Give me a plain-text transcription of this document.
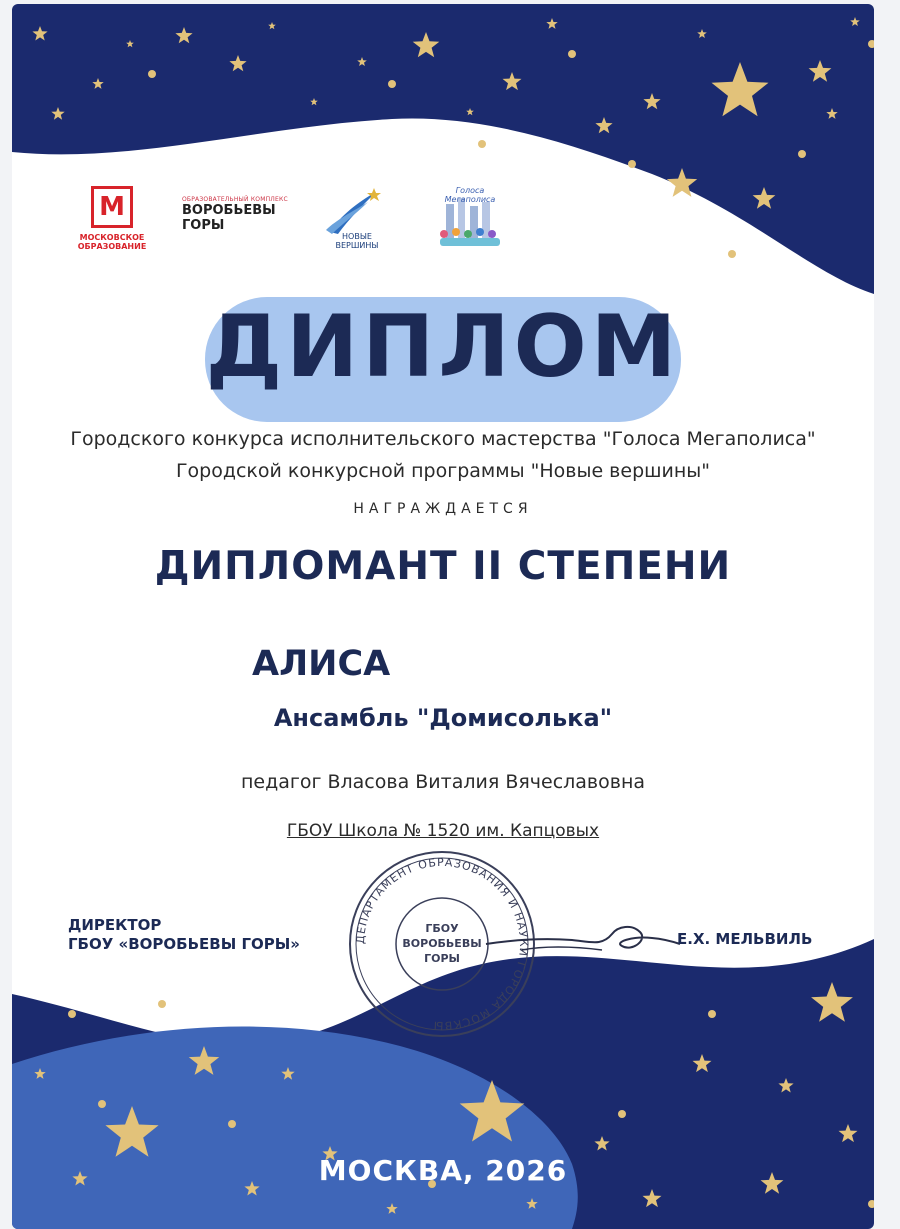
М
МОСКОВСКОЕ
ОБРАЗОВАНИЕ
ОБРАЗОВАТЕЛЬНЫЙ КОМПЛЕКС
ВОРОБЬЕВЫ
ГОРЫ
НОВЫЕ
ВЕРШИНЫ
Голоса Мегаполиса
ДИПЛОМ
Городского конкурса исполнительского мастерства "Голоса Мегаполиса"
Городской конкурсной программы "Новые вершины"
НАГРАЖДАЕТСЯ
ДИПЛОМАНТ II СТЕПЕНИ
АЛИСА
Ансамбль "Домисолька"
педагог Власова Виталия Вячеславовна
ГБОУ Школа № 1520 им. Капцовых
ДЕПАРТАМЕНТ ОБРАЗОВАНИЯ И НАУКИ ГОРОДА МОСКВЫ
ГБОУ
ВОРОБЬЕВЫ
ГОРЫ
ДИРЕКТОР
ГБОУ «ВОРОБЬЕВЫ ГОРЫ»	Е.Х. МЕЛЬВИЛЬ
МОСКВА, 2026
